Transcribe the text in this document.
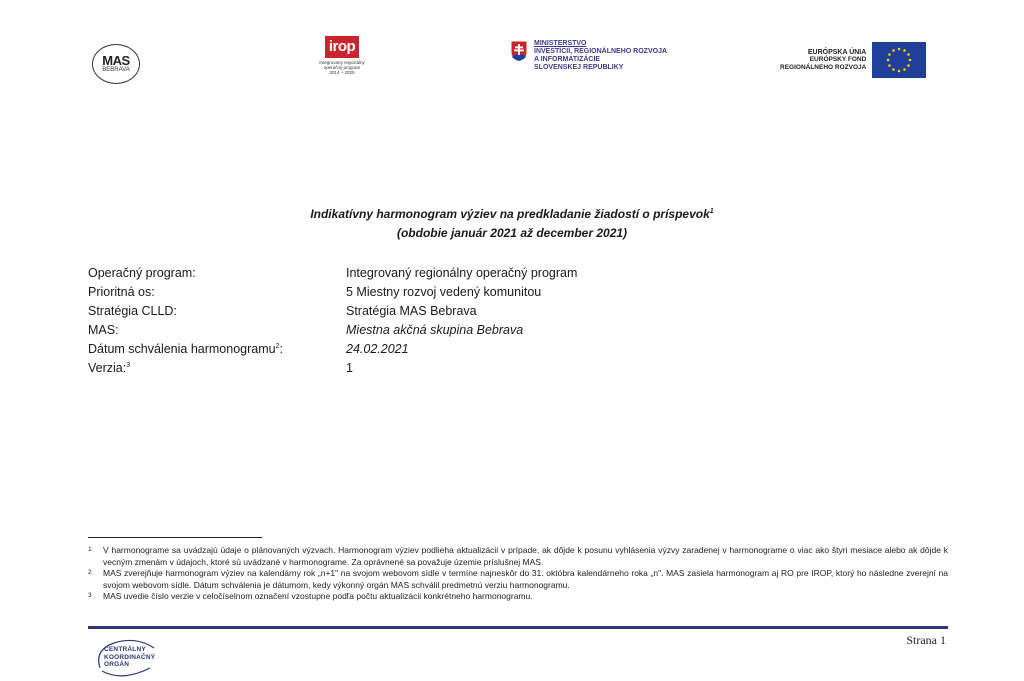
MAS
BEBRAVA
irop
Integrovaný regionálny
operačný program
2014 – 2020
MINISTERSTVO
INVESTÍCIÍ, REGIONÁLNEHO ROZVOJA
A INFORMATIZÁCIE
SLOVENSKEJ REPUBLIKY
EURÓPSKA ÚNIA
EURÓPSKY FOND
REGIONÁLNEHO ROZVOJA
Indikatívny harmonogram výziev na predkladanie žiadostí o príspevok$^1$
(obdobie január 2021 až december 2021)
Operačný program:	Integrovaný regionálny operačný program
Prioritná os:	5 Miestny rozvoj vedený komunitou
Stratégia CLLD:	Stratégia MAS Bebrava
MAS:	Miestna akčná skupina Bebrava
Dátum schválenia harmonogramu$^2$:	24.02.2021
Verzia:$^3$	1
1	V harmonograme sa uvádzajú údaje o plánovaných výzvach. Harmonogram výziev podlieha aktualizácii v prípade, ak dôjde k posunu vyhlásenia výzvy zaradenej v harmonograme o viac ako štyri mesiace alebo ak dôjde k vecným zmenám v údajoch, ktoré sú uvádzané v harmonograme. Za oprávnené sa považuje územie príslušnej MAS.
2	MAS zverejňuje harmonogram výziev na kalendárny rok „n+1" na svojom webovom sídle v termíne najneskôr do 31. októbra kalendárneho roka „n". MAS zasiela harmonogram aj RO pre IROP, ktorý ho následne zverejní na svojom webovom sídle. Dátum schválenia je dátumom, kedy výkonný orgán MAS schválil predmetnú verziu harmonogramu.
3	MAS uvedie číslo verzie v celočíselnom označení vzostupne podľa počtu aktualizácii konkrétneho harmonogramu.
Strana 1
CENTRÁLNY
KOORDINAČNÝ
ORGÁN
